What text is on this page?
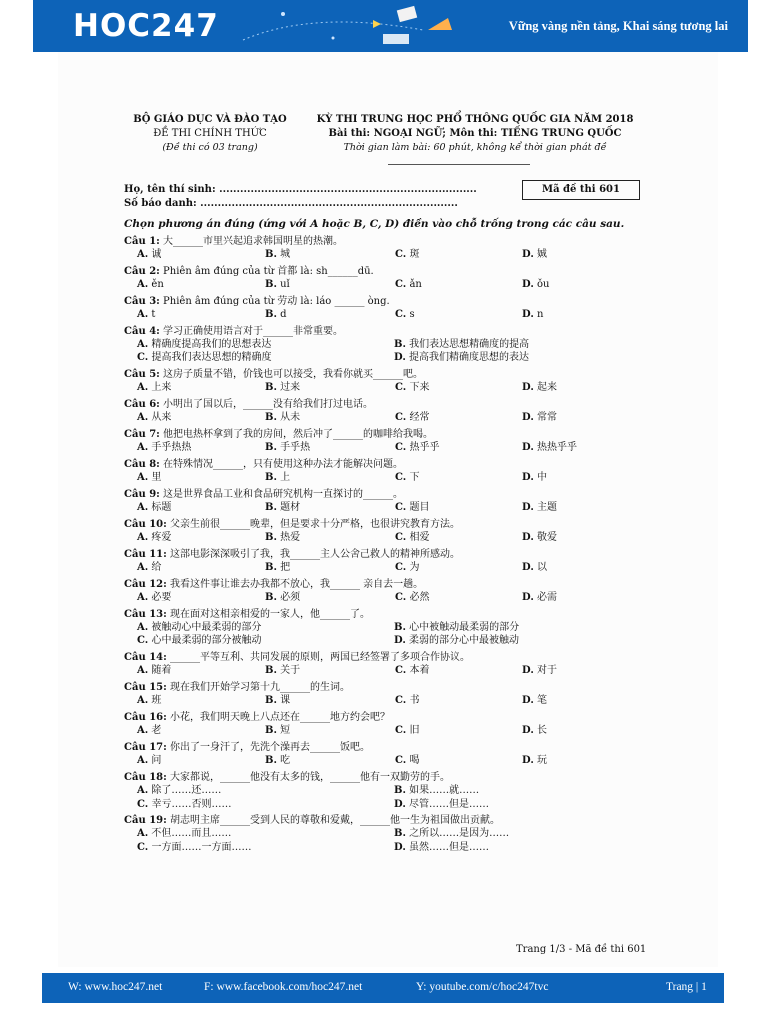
HOC247	Vững vàng nền tảng, Khai sáng tương lai
BỘ GIÁO DỤC VÀ ĐÀO TẠO
ĐỀ THI CHÍNH THỨC
(Đề thi có 03 trang)
KỲ THI TRUNG HỌC PHỔ THÔNG QUỐC GIA NĂM 2018
Bài thi: NGOẠI NGỮ; Môn thi: TIẾNG TRUNG QUỐC
Thời gian làm bài: 60 phút, không kể thời gian phát đề
Họ, tên thí sinh: ..........................................................................
Số báo danh: ..........................................................................
Mã đề thi 601
Chọn phương án đúng (ứng với A hoặc B, C, D) điền vào chỗ trống trong các câu sau.
Câu 1: 大______市里兴起追求韩国明星的热潮。
A. 诚	B. 城	C. 斑	D. 娍
Câu 2: Phiên âm đúng của từ 首都 là: sh______dū.
A. ěn	B. uǐ	C. ǎn	D. ǒu
Câu 3: Phiên âm đúng của từ 劳动 là: láo ______ òng.
A. t	B. d	C. s	D. n
Câu 4: 学习正确使用语言对于______非常重要。
A. 精确度提高我们的思想表达	B. 我们表达思想精确度的提高
C. 提高我们表达思想的精确度	D. 提高我们精确度思想的表达
Câu 5: 这房子质量不错，价钱也可以接受，我看你就买______吧。
A. 上来	B. 过来	C. 下来	D. 起来
Câu 6: 小明出了国以后，______没有给我们打过电话。
A. 从来	B. 从未	C. 经常	D. 常常
Câu 7: 他把电热杯拿到了我的房间，然后冲了______的咖啡给我喝。
A. 手乎热热	B. 手乎热	C. 热乎乎	D. 热热乎乎
Câu 8: 在特殊情况______，只有使用这种办法才能解决问题。
A. 里	B. 上	C. 下	D. 中
Câu 9: 这是世界食品工业和食品研究机构一直探讨的______。
A. 标题	B. 题材	C. 题目	D. 主题
Câu 10: 父亲生前很______晚辈，但是要求十分严格，也很讲究教育方法。
A. 疼爱	B. 热爱	C. 相爱	D. 敬爱
Câu 11: 这部电影深深吸引了我，我______主人公舍己救人的精神所感动。
A. 给	B. 把	C. 为	D. 以
Câu 12: 我看这件事让谁去办我都不放心，我______ 亲自去一趟。
A. 必要	B. 必须	C. 必然	D. 必需
Câu 13: 现在面对这相亲相爱的一家人，他______了。
A. 被触动心中最柔弱的部分	B. 心中被触动最柔弱的部分
C. 心中最柔弱的部分被触动	D. 柔弱的部分心中最被触动
Câu 14: ______平等互利、共同发展的原则，两国已经签署了多项合作协议。
A. 随着	B. 关于	C. 本着	D. 对于
Câu 15: 现在我们开始学习第十九______的生词。
A. 班	B. 课	C. 书	D. 笔
Câu 16: 小花，我们明天晚上八点还在______地方约会吧？
A. 老	B. 短	C. 旧	D. 长
Câu 17: 你出了一身汗了，先洗个澡再去______饭吧。
A. 问	B. 吃	C. 喝	D. 玩
Câu 18: 大家都说，______他没有太多的钱，______他有一双勤劳的手。
A. 除了……还……	B. 如果……就……
C. 幸亏……否则……	D. 尽管……但是……
Câu 19: 胡志明主席______受到人民的尊敬和爱戴，______他一生为祖国做出贡献。
A. 不但……而且……	B. 之所以……是因为……
C. 一方面……一方面……	D. 虽然……但是……
Trang 1/3 - Mã đề thi 601
W: www.hoc247.net	F: www.facebook.com/hoc247.net	Y: youtube.com/c/hoc247tvc	Trang | 1
